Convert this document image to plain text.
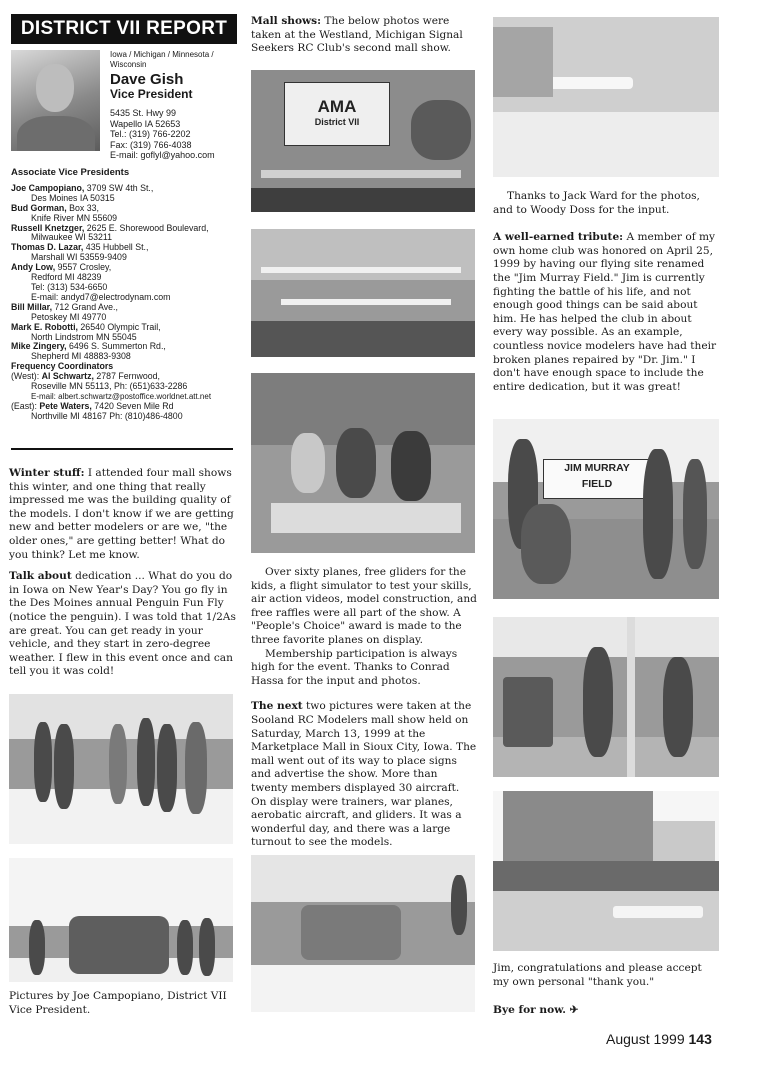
DISTRICT VII REPORT
Iowa / Michigan / Minnesota / Wisconsin
Dave Gish
Vice President
5435 St. Hwy 99
Wapello IA 52653
Tel.: (319) 766-2202
Fax: (319) 766-4038
E-mail: goflyl@yahoo.com
Associate Vice Presidents
Joe Campopiano, 3709 SW 4th St.,
Des Moines IA 50315
Bud Gorman, Box 33,
Knife River MN 55609
Russell Knetzger, 2625 E. Shorewood Boulevard,
Milwaukee WI 53211
Thomas D. Lazar, 435 Hubbell St.,
Marshall WI 53559-9409
Andy Low, 9557 Crosley,
Redford MI 48239
Tel: (313) 534-6650
E-mail: andyd7@electrodynam.com
Bill Millar, 712 Grand Ave.,
Petoskey MI 49770
Mark E. Robotti, 26540 Olympic Trail,
North Lindstrom MN 55045
Mike Zingery, 6496 S. Summerton Rd.,
Shepherd MI 48883-9308
Frequency Coordinators
(West): Al Schwartz, 2787 Fernwood,
Roseville MN 55113, Ph: (651)633-2286
E-mail: albert.schwartz@postoffice.worldnet.att.net
(East): Pete Waters, 7420 Seven Mile Rd
Northville MI 48167 Ph: (810)486-4800

Winter stuff: I attended four mall shows this winter, and one thing that really impressed me was the building quality of the models. I don't know if we are getting new and better modelers or are we, "the older ones," are getting better! What do you think? Let me know.

Talk about dedication ... What do you do in Iowa on New Year's Day? You go fly in the Des Moines annual Penguin Fun Fly (notice the penguin). I was told that 1/2As are great. You can get ready in your vehicle, and they start in zero-degree weather. I flew in this event once and can tell you it was cold!

Pictures by Joe Campopiano, District VII Vice President.

Mall shows: The below photos were taken at the Westland, Michigan Signal Seekers RC Club's second mall show.

AMA
District VII

Over sixty planes, free gliders for the kids, a flight simulator to test your skills, air action videos, model construction, and free raffles were all part of the show. A "People's Choice" award is made to the three favorite planes on display.

Membership participation is always high for the event. Thanks to Conrad Hassa for the input and photos.

The next two pictures were taken at the Sooland RC Modelers mall show held on Saturday, March 13, 1999 at the Marketplace Mall in Sioux City, Iowa. The mall went out of its way to place signs and advertise the show. More than twenty members displayed 30 aircraft. On display were trainers, war planes, aerobatic aircraft, and gliders. It was a wonderful day, and there was a large turnout to see the models.

Thanks to Jack Ward for the photos, and to Woody Doss for the input.

A well-earned tribute: A member of my own home club was honored on April 25, 1999 by having our flying site renamed the "Jim Murray Field." Jim is currently fighting the battle of his life, and not enough good things can be said about him. He has helped the club in about every way possible. As an example, countless novice modelers have had their broken planes repaired by "Dr. Jim." I don't have enough space to include the entire dedication, but it was great!

JIM MURRAY
FIELD
Jim, congratulations and please accept my own personal "thank you."
Bye for now. ✈
August 1999 143
